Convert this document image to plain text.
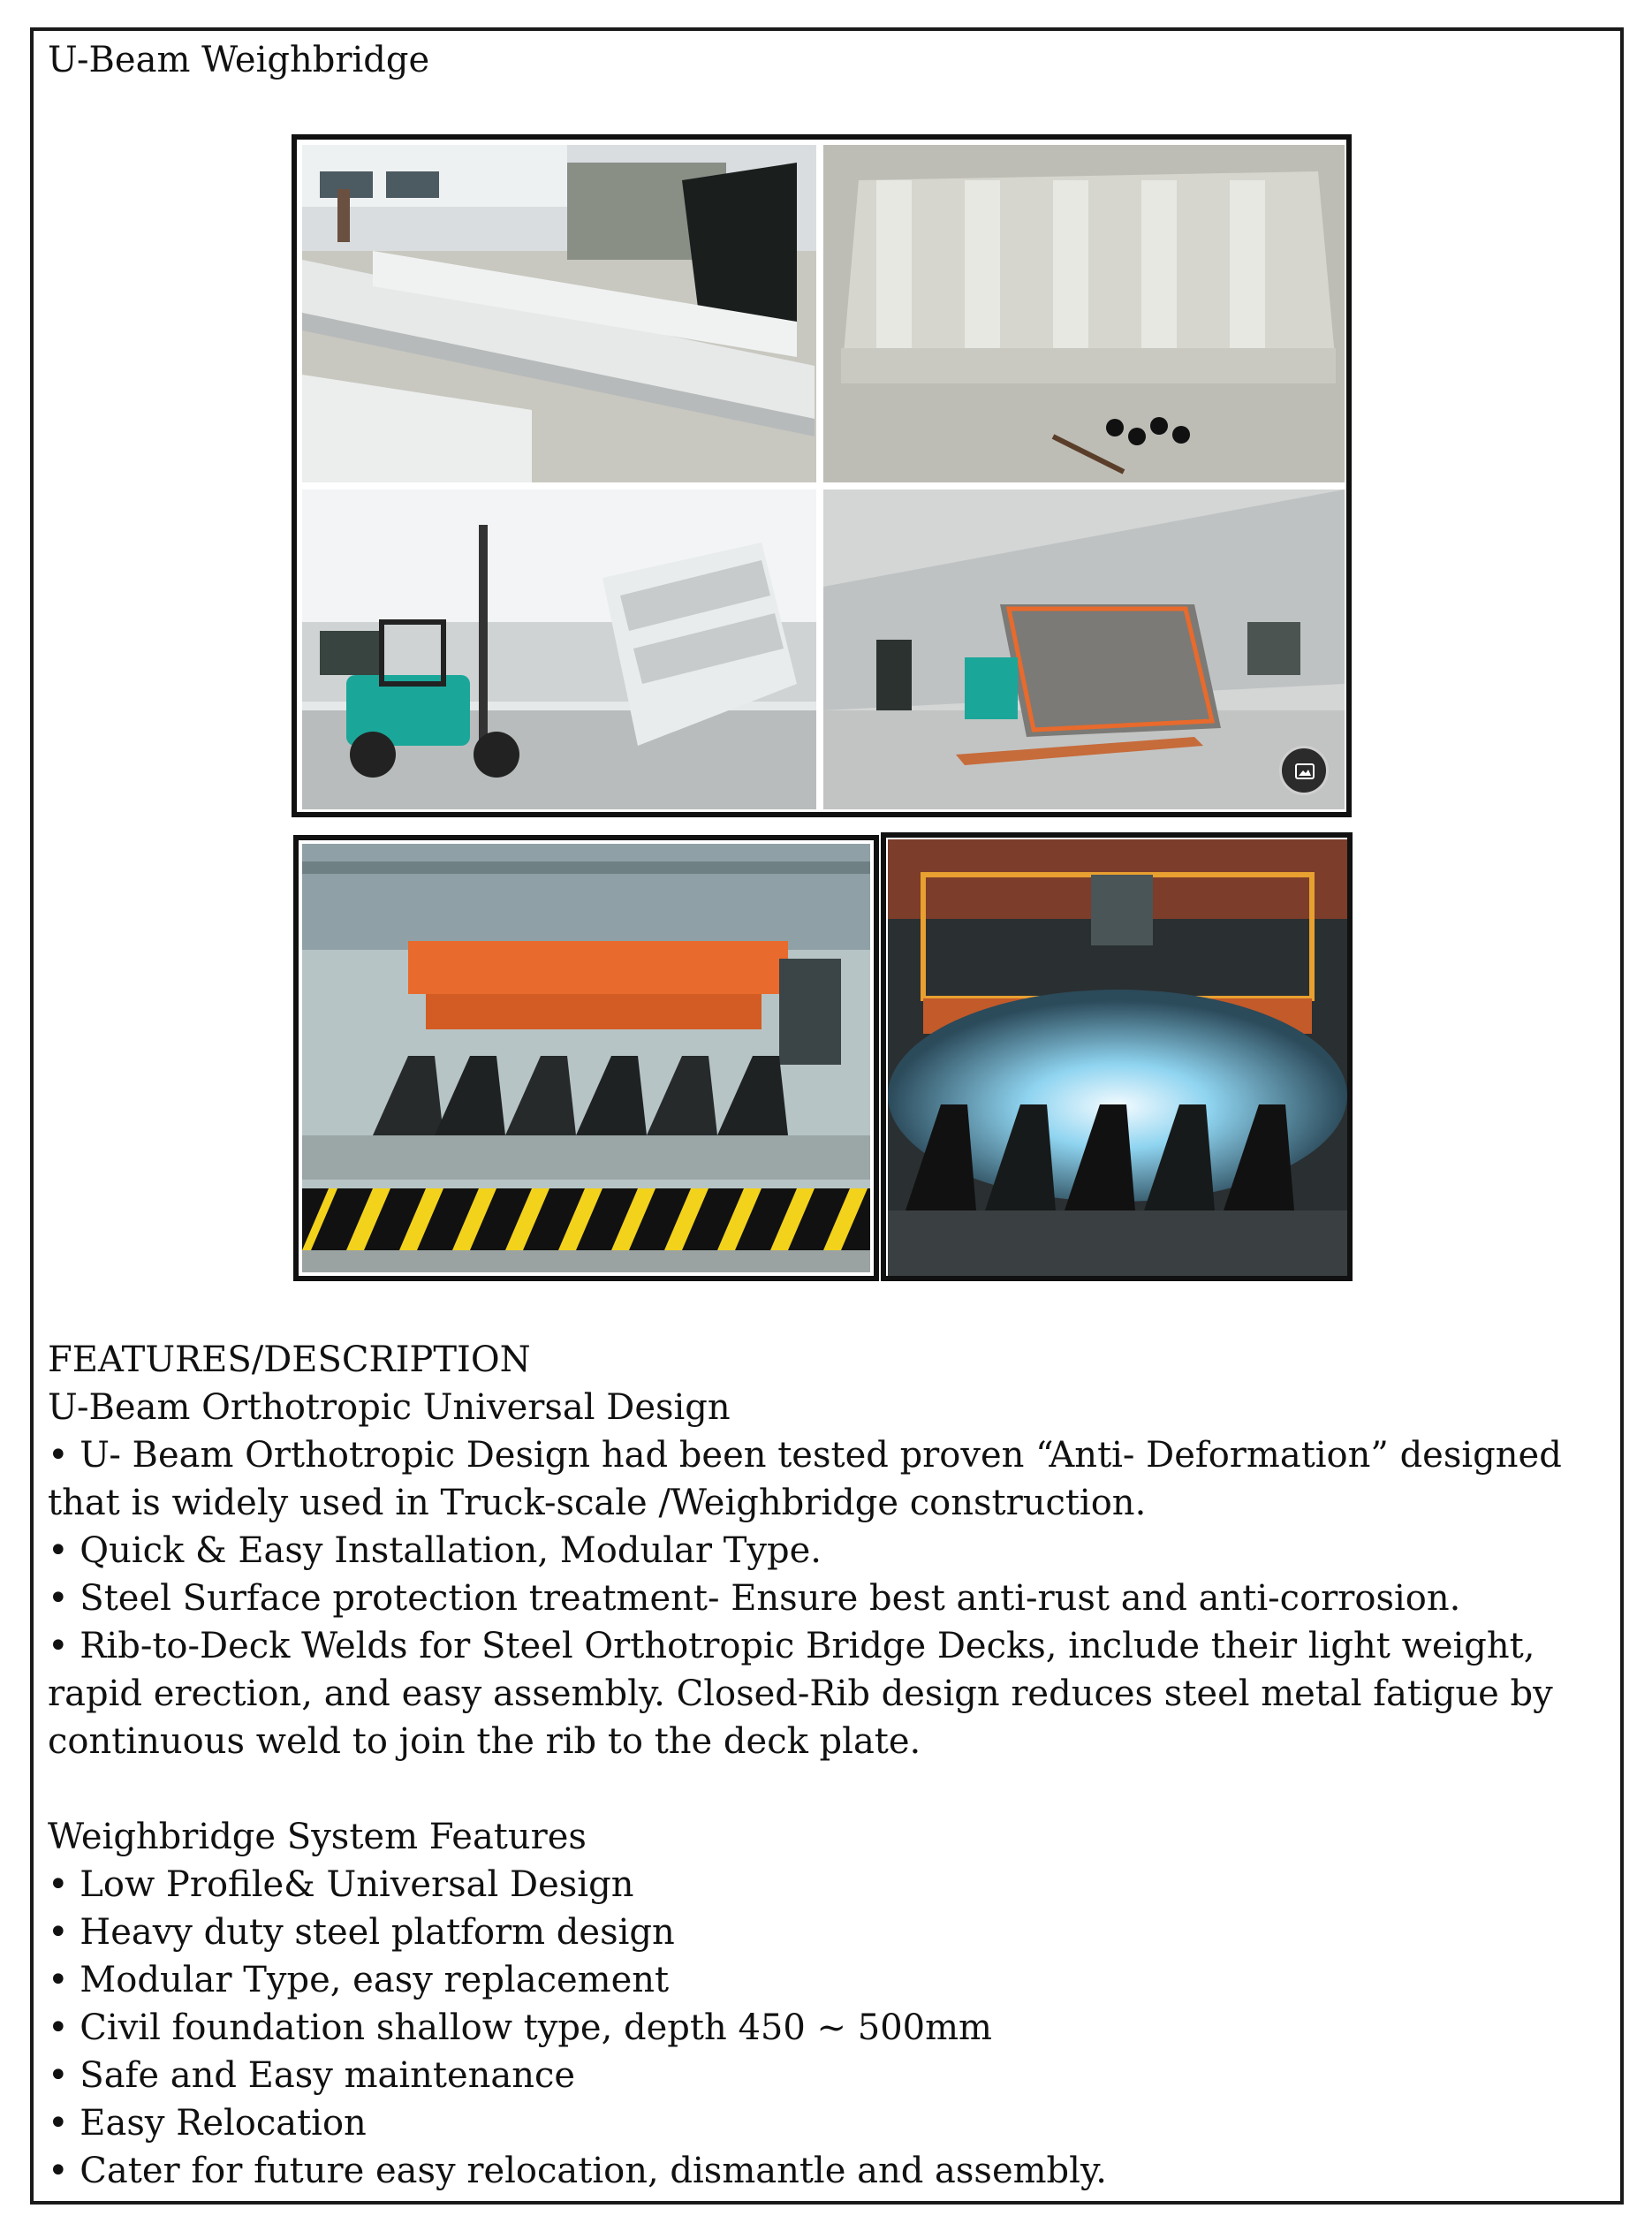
U-Beam Weighbridge

FEATURES/DESCRIPTION

U-Beam Orthotropic Universal Design

• U- Beam Orthotropic Design had been tested proven “Anti- Deformation” designed that is widely used in Truck-scale /Weighbridge construction.

• Quick & Easy Installation, Modular Type.

• Steel Surface protection treatment- Ensure best anti-rust and anti-corrosion.

• Rib-to-Deck Welds for Steel Orthotropic Bridge Decks, include their light weight, rapid erection, and easy assembly. Closed-Rib design reduces steel metal fatigue by continuous weld to join the rib to the deck plate.

Weighbridge System Features

• Low Profile& Universal Design

• Heavy duty steel platform design

• Modular Type, easy replacement

• Civil foundation shallow type, depth 450 ~ 500mm

• Safe and Easy maintenance

• Easy Relocation

• Cater for future easy relocation, dismantle and assembly.
